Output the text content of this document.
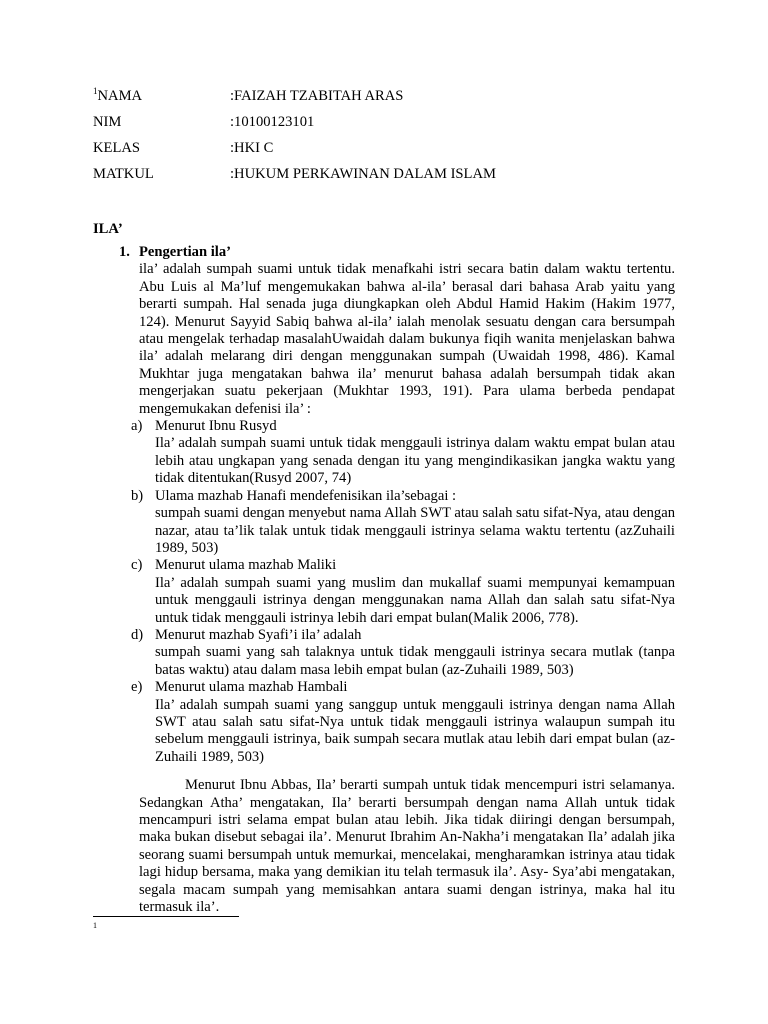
$^1$NAMA	:FAIZAH TZABITAH ARAS
NIM	:10100123101
KELAS	:HKI C
MATKUL	:HUKUM PERKAWINAN DALAM ISLAM
ILA’
1. Pengertian ila’
ila’ adalah sumpah suami untuk tidak menafkahi istri secara batin dalam waktu tertentu. Abu Luis al Ma’luf mengemukakan bahwa al-ila’ berasal dari bahasa Arab yaitu yang berarti sumpah. Hal senada juga diungkapkan oleh Abdul Hamid Hakim (Hakim 1977, 124). Menurut Sayyid Sabiq bahwa al-ila’ ialah menolak sesuatu dengan cara bersumpah atau mengelak terhadap masalahUwaidah dalam bukunya fiqih wanita menjelaskan bahwa ila’ adalah melarang diri dengan menggunakan sumpah (Uwaidah 1998, 486). Kamal Mukhtar juga mengatakan bahwa ila’ menurut bahasa adalah bersumpah tidak akan mengerjakan suatu pekerjaan (Mukhtar 1993, 191). Para ulama berbeda pendapat mengemukakan defenisi ila’ :
a) Menurut Ibnu Rusyd
Ila’ adalah sumpah suami untuk tidak menggauli istrinya dalam waktu empat bulan atau lebih atau ungkapan yang senada dengan itu yang mengindikasikan jangka waktu yang tidak ditentukan(Rusyd 2007, 74)
b) Ulama mazhab Hanafi mendefenisikan ila’sebagai :
sumpah suami dengan menyebut nama Allah SWT atau salah satu sifat-Nya, atau dengan nazar, atau ta’lik talak untuk tidak menggauli istrinya selama waktu tertentu (azZuhaili 1989, 503)
c) Menurut ulama mazhab Maliki
Ila’ adalah sumpah suami yang muslim dan mukallaf suami mempunyai kemampuan untuk menggauli istrinya dengan menggunakan nama Allah dan salah satu sifat-Nya untuk tidak menggauli istrinya lebih dari empat bulan(Malik 2006, 778).
d) Menurut mazhab Syafi’i ila’ adalah
sumpah suami yang sah talaknya untuk tidak menggauli istrinya secara mutlak (tanpa batas waktu) atau dalam masa lebih empat bulan (az-Zuhaili 1989, 503)
e) Menurut ulama mazhab Hambali
Ila’ adalah sumpah suami yang sanggup untuk menggauli istrinya dengan nama Allah SWT atau salah satu sifat-Nya untuk tidak menggauli istrinya walaupun sumpah itu sebelum menggauli istrinya, baik sumpah secara mutlak atau lebih dari empat bulan (az-Zuhaili 1989, 503)
Menurut Ibnu Abbas, Ila’ berarti sumpah untuk tidak mencempuri istri selamanya. Sedangkan Atha’ mengatakan, Ila’ berarti bersumpah dengan nama Allah untuk tidak mencampuri istri selama empat bulan atau lebih. Jika tidak diiringi dengan bersumpah, maka bukan disebut sebagai ila’. Menurut Ibrahim An-Nakha’i mengatakan Ila’ adalah jika seorang suami bersumpah untuk memurkai, mencelakai, mengharamkan istrinya atau tidak lagi hidup bersama, maka yang demikian itu telah termasuk ila’. Asy- Sya’abi mengatakan, segala macam sumpah yang memisahkan antara suami dengan istrinya, maka hal itu termasuk ila’.
1
